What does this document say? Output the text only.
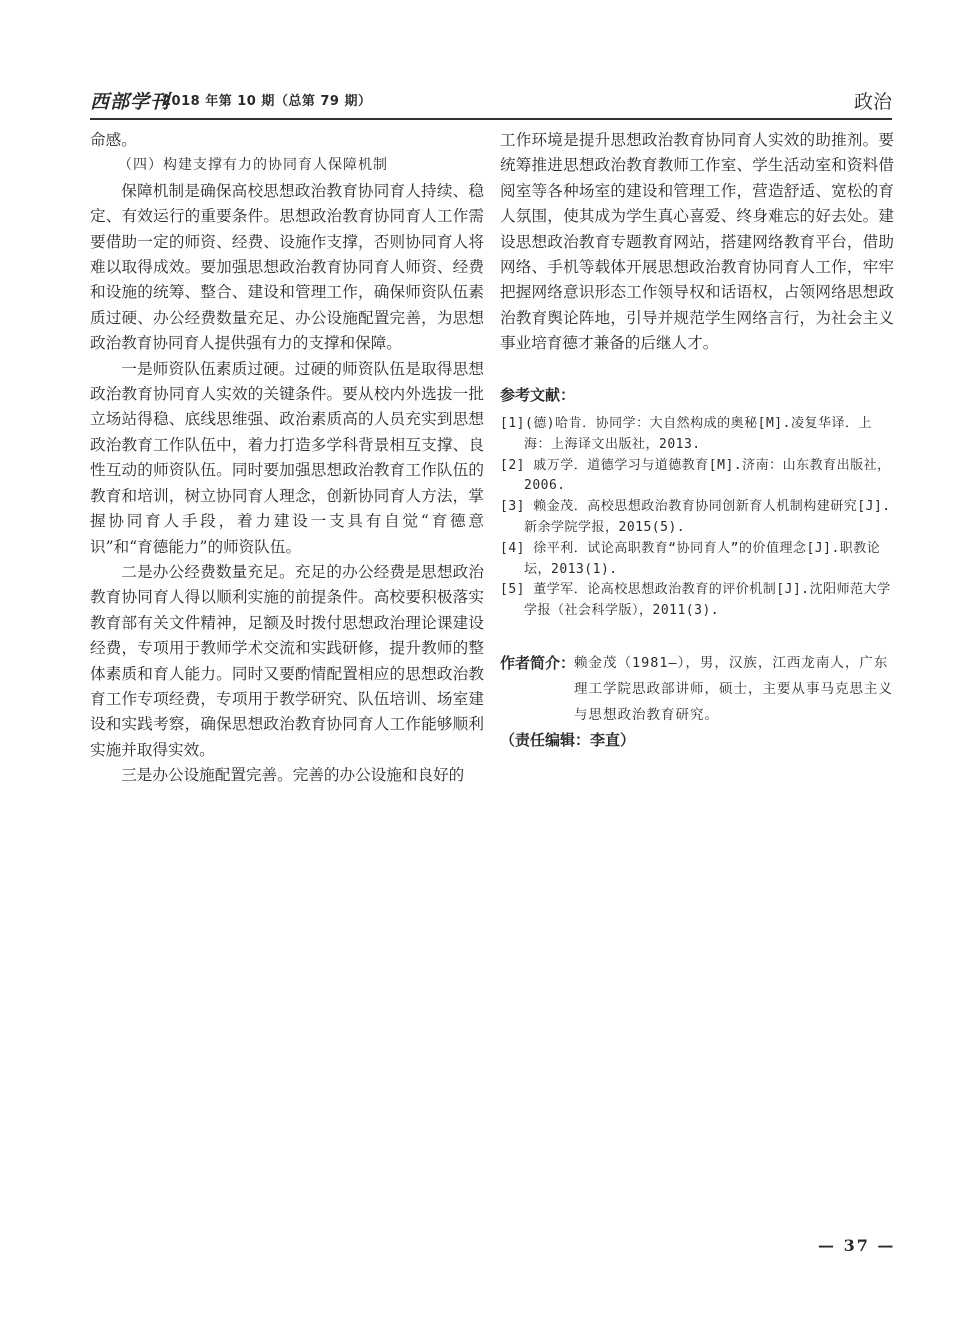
西部学刊
2018 年第 10 期（总第 79 期）	政治

命感。

（四）构建支撑有力的协同育人保障机制

保障机制是确保高校思想政治教育协同育人持续、稳定、有效运行的重要条件。思想政治教育协同育人工作需要借助一定的师资、经费、设施作支撑，否则协同育人将难以取得成效。要加强思想政治教育协同育人师资、经费和设施的统筹、整合、建设和管理工作，确保师资队伍素质过硬、办公经费数量充足、办公设施配置完善，为思想政治教育协同育人提供强有力的支撑和保障。

一是师资队伍素质过硬。过硬的师资队伍是取得思想政治教育协同育人实效的关键条件。要从校内外选拔一批立场站得稳、底线思维强、政治素质高的人员充实到思想政治教育工作队伍中，着力打造多学科背景相互支撑、良性互动的师资队伍。同时要加强思想政治教育工作队伍的教育和培训，树立协同育人理念，创新协同育人方法，掌握协同育人手段，着力建设一支具有自觉“育德意识”和“育德能力”的师资队伍。

二是办公经费数量充足。充足的办公经费是思想政治教育协同育人得以顺利实施的前提条件。高校要积极落实教育部有关文件精神，足额及时拨付思想政治理论课建设经费，专项用于教师学术交流和实践研修，提升教师的整体素质和育人能力。同时又要酌情配置相应的思想政治教育工作专项经费，专项用于教学研究、队伍培训、场室建设和实践考察，确保思想政治教育协同育人工作能够顺利实施并取得实效。

三是办公设施配置完善。完善的办公设施和良好的

工作环境是提升思想政治教育协同育人实效的助推剂。要统筹推进思想政治教育教师工作室、学生活动室和资料借阅室等各种场室的建设和管理工作，营造舒适、宽松的育人氛围，使其成为学生真心喜爱、终身难忘的好去处。建设思想政治教育专题教育网站，搭建网络教育平台，借助网络、手机等载体开展思想政治教育协同育人工作，牢牢把握网络意识形态工作领导权和话语权，占领网络思想政治教育舆论阵地，引导并规范学生网络言行，为社会主义事业培育德才兼备的后继人才。

参考文献：

[1](德)哈肯．协同学：大自然构成的奥秘[M].凌复华译．上海：上海译文出版社，2013.
[2] 戚万学．道德学习与道德教育[M].济南：山东教育出版社，2006.
[3] 赖金茂．高校思想政治教育协同创新育人机制构建研究[J].新余学院学报，2015(5).
[4] 徐平利．试论高职教育“协同育人”的价值理念[J].职教论坛，2013(1).
[5] 董学军．论高校思想政治教育的评价机制[J].沈阳师范大学学报（社会科学版），2011(3).
作者简介：
赖金茂（1981—），男，汉族，江西龙南人，广东理工学院思政部讲师，硕士，主要从事马克思主义与思想政治教育研究。

（责任编辑：李直）

— 37 —
